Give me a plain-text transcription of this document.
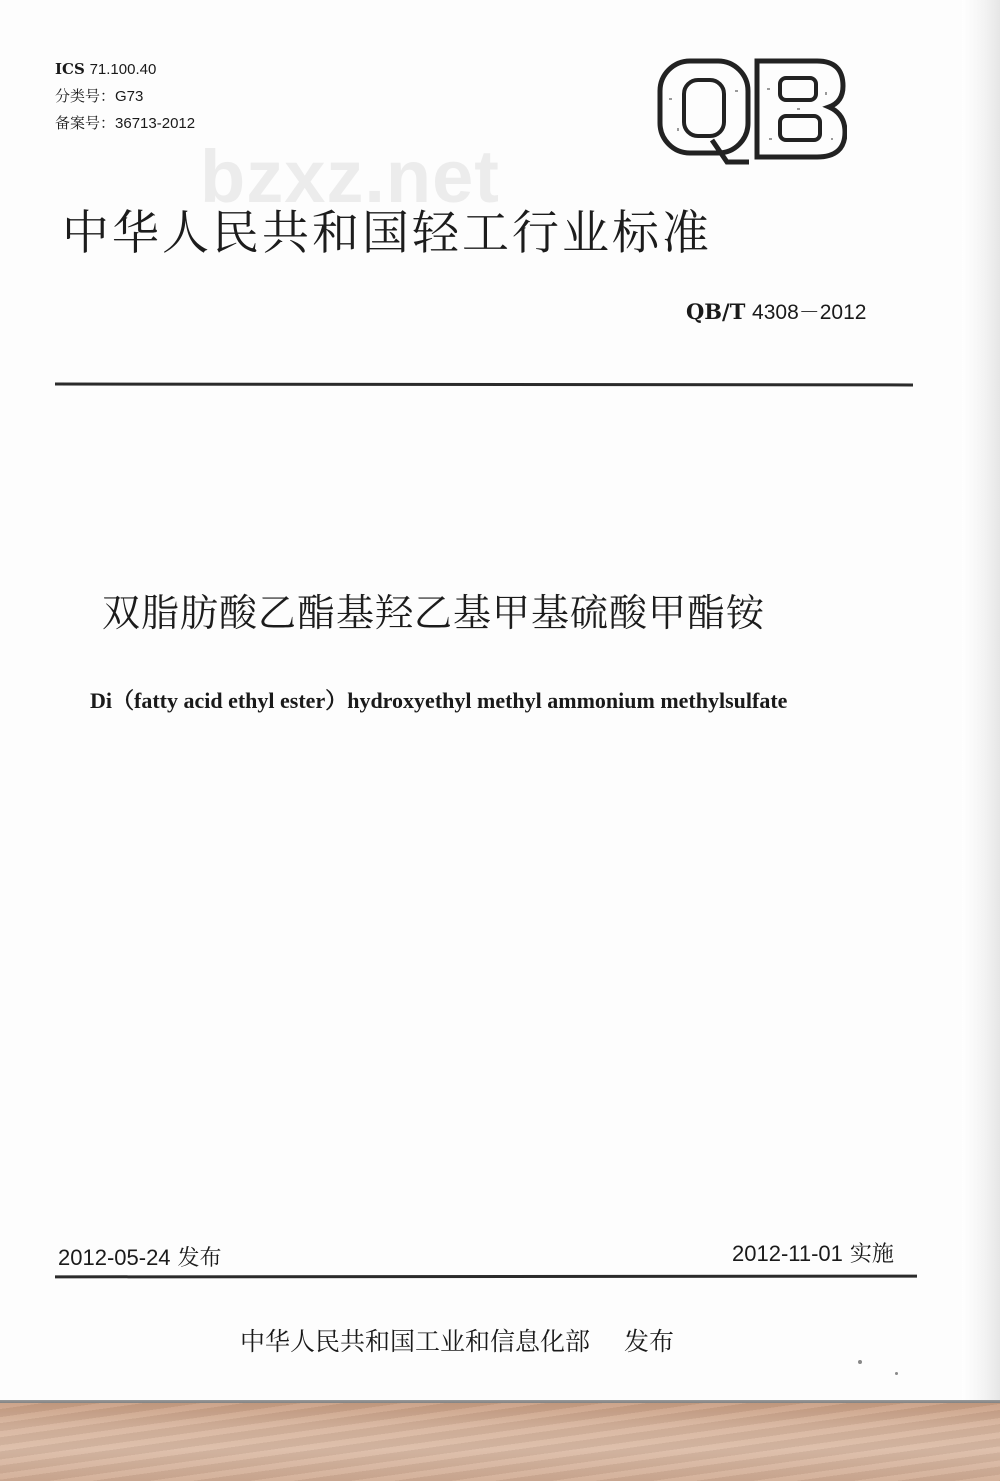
ICS 71.100.40
分类号：G73
备案号：36713-2012
bzxz.net
中华人民共和国轻工行业标准
QB/T 4308－2012
双脂肪酸乙酯基羟乙基甲基硫酸甲酯铵
Di（fatty acid ethyl ester）hydroxyethyl methyl ammonium methylsulfate
2012-05-24 发布	2012-11-01 实施
中华人民共和国工业和信息化部 发布
